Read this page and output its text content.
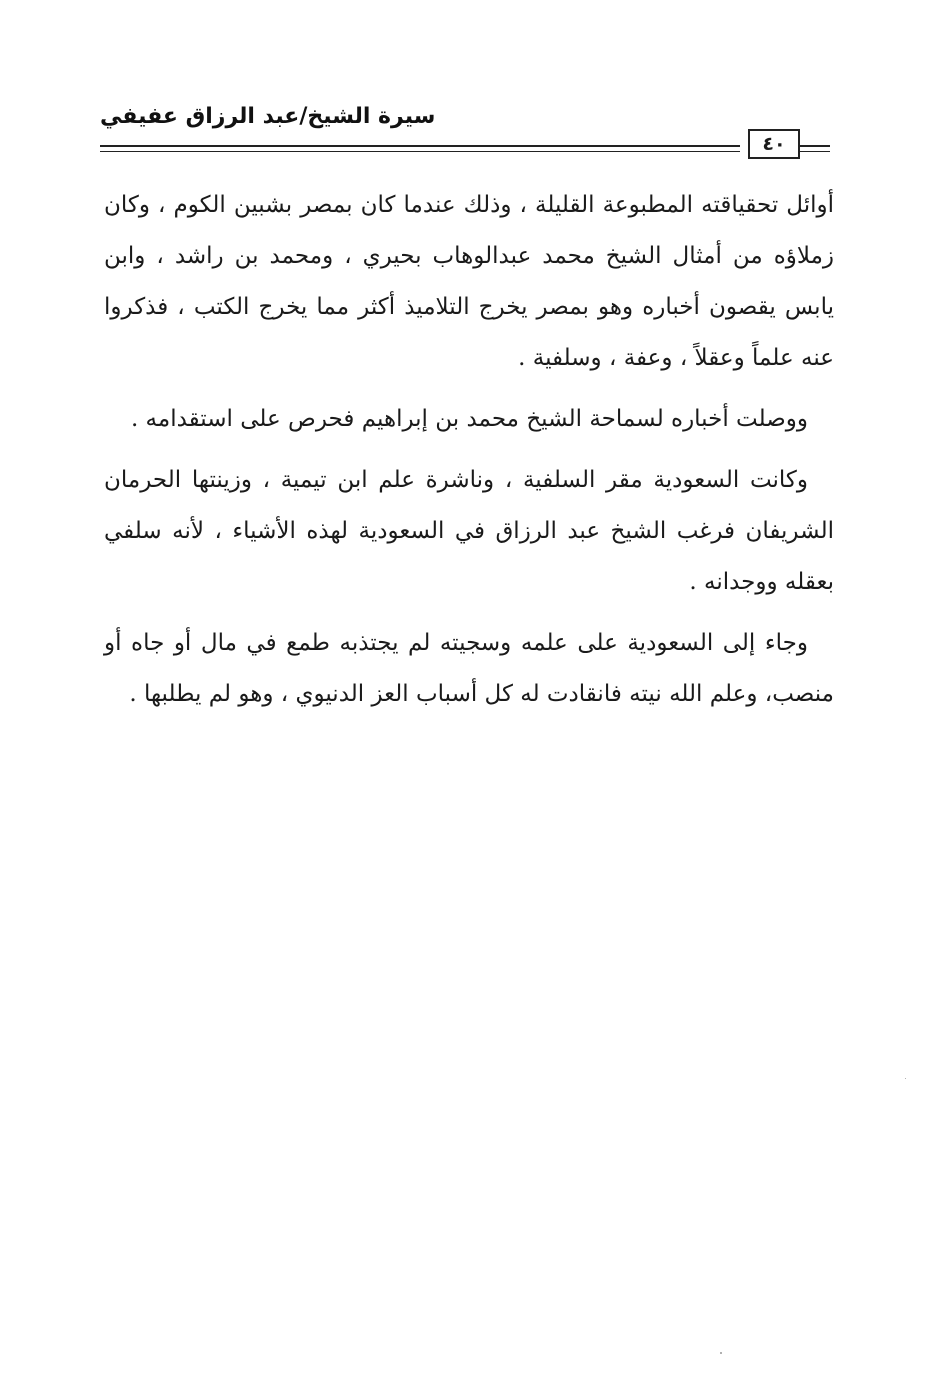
سيرة الشيخ/عبد الرزاق عفيفي
٤٠

أوائل تحقياقته المطبوعة القليلة ، وذلك عندما كان بمصر بشبين الكوم ، وكان زملاؤه من أمثال الشيخ محمد عبدالوهاب بحيري ، ومحمد بن راشد ، وابن يابس يقصون أخباره وهو بمصر يخرج التلاميذ أكثر مما يخرج الكتب ، فذكروا عنه علماً وعقلاً ، وعفة ، وسلفية .

ووصلت أخباره لسماحة الشيخ محمد بن إبراهيم فحرص على استقدامه .

وكانت السعودية مقر السلفية ، وناشرة علم ابن تيمية ، وزينتها الحرمان الشريفان فرغب الشيخ عبد الرزاق في السعودية لهذه الأشياء ، لأنه سلفي بعقله ووجدانه .

وجاء إلى السعودية على علمه وسجيته لم يجتذبه طمع في مال أو جاه أو منصب، وعلم الله نيته فانقادت له كل أسباب العز الدنيوي ، وهو لم يطلبها .
